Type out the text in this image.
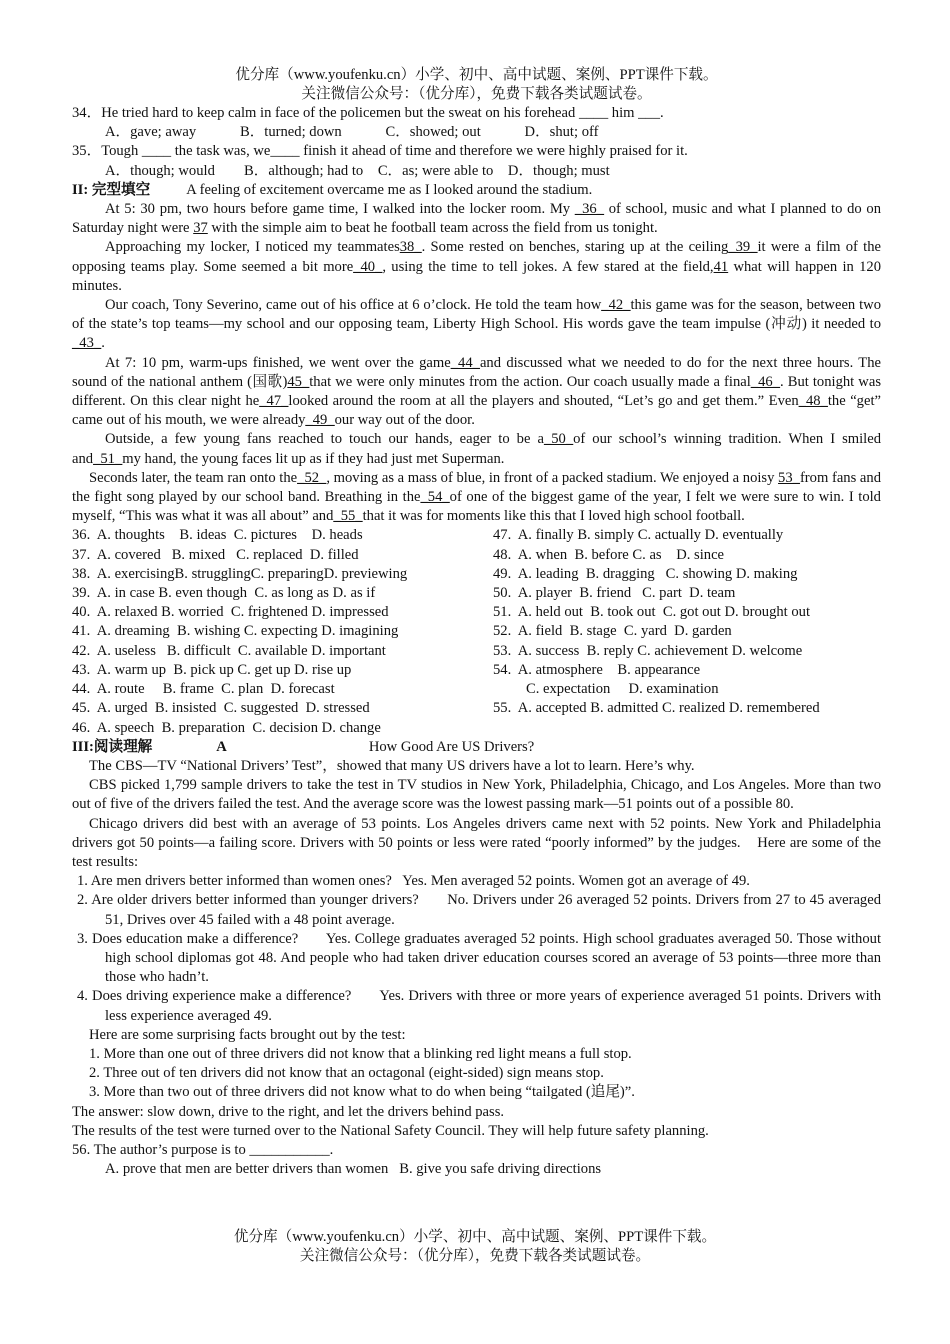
优分库（www.youfenku.cn）小学、初中、高中试题、案例、PPT课件下载。
关注微信公众号：（优分库），免费下载各类试题试卷。

34．He tried hard to keep calm in face of the policemen but the sweat on his forehead ____ him ___.

A．gave; away　　　B．turned; down　　　C．showed; out　　　D．shut; off

35．Tough ____ the task was, we____ finish it ahead of time and therefore we were highly praised for it.

A．though; would　　B．although; had to　C．as; were able to　D．though; must

II: 完型填空 A feeling of excitement overcame me as I looked around the stadium.

At 5: 30 pm, two hours before game time, I walked into the locker room. My _36_ of school, music and what I planned to do on Saturday night were 37 with the simple aim to beat he football team across the field from us tonight.

Approaching my locker, I noticed my teammates38_. Some rested on benches, staring up at the ceiling_39_it were a film of the opposing teams play. Some seemed a bit more_40_, using the time to tell jokes. A few stared at the field,41 what will happen in 120 minutes.

Our coach, Tony Severino, came out of his office at 6 o’clock. He told the team how_42_this game was for the season, between two of the state’s top teams—my school and our opposing team, Liberty High School. His words gave the team impulse (冲动) it needed to _43_.

At 7: 10 pm, warm-ups finished, we went over the game_44_and discussed what we needed to do for the next three hours. The sound of the national anthem (国歌)45_that we were only minutes from the action. Our coach usually made a final_46_. But tonight was different. On this clear night he_47_looked around the room at all the players and shouted, “Let’s go and get them.” Even_48_the “get” came out of his mouth, we were already_49_our way out of the door.

Outside, a few young fans reached to touch our hands, eager to be a_50_of our school’s winning tradition. When I smiled and_51_my hand, the young faces lit up as if they had just met Superman.

Seconds later, the team ran onto the_52_, moving as a mass of blue, in front of a packed stadium. We enjoyed a noisy 53_from fans and the fight song played by our school band. Breathing in the_54_of one of the biggest game of the year, I felt we were sure to win. I told myself, “This was what it was all about” and_55_that it was for moments like this that I loved high school football.

36.  A. thoughts    B. ideas  C. pictures    D. heads
37.  A. covered   B. mixed   C. replaced  D. filled
38.  A. exercisingB. strugglingC. preparingD. previewing
39.  A. in case B. even though  C. as long as D. as if
40.  A. relaxed B. worried  C. frightened D. impressed
41.  A. dreaming  B. wishing C. expecting D. imagining
42.  A. useless   B. difficult  C. available D. important
43.  A. warm up  B. pick up C. get up D. rise up
44.  A. route     B. frame  C. plan  D. forecast
45.  A. urged  B. insisted  C. suggested  D. stressed
46.  A. speech  B. preparation  C. decision D. change
47.  A. finally B. simply C. actually D. eventually
48.  A. when  B. before C. as    D. since
49.  A. leading  B. dragging   C. showing D. making
50.  A. player  B. friend   C. part  D. team
51.  A. held out  B. took out  C. got out D. brought out
52.  A. field  B. stage  C. yard  D. garden
53.  A. success  B. reply C. achievement D. welcome
54.  A. atmosphere    B. appearance
C. expectation     D. examination
55.  A. accepted B. admitted C. realized D. remembered

III:阅读理解	A	How Good Are US Drivers?

The CBS—TV “National Drivers’ Test”，showed that many US drivers have a lot to learn. Here’s why.

CBS picked 1,799 sample drivers to take the test in TV studios in New York, Philadelphia, Chicago, and Los Angeles. More than two out of five of the drivers failed the test. And the average score was the lowest passing mark—51 points out of a possible 80.

Chicago drivers did best with an average of 53 points. Los Angeles drivers came next with 52 points. New York and Philadelphia drivers got 50 points—a failing score. Drivers with 50 points or less were rated “poorly informed” by the judges.    Here are some of the test results:

1. Are men drivers better informed than women ones?   Yes. Men averaged 52 points. Women got an average of 49.

2. Are older drivers better informed than younger drivers?       No. Drivers under 26 averaged 52 points. Drivers from 27 to 45 averaged 51, Drives over 45 failed with a 48 point average.

3. Does education make a difference?       Yes. College graduates averaged 52 points. High school graduates averaged 50. Those without high school diplomas got 48. And people who had taken driver education courses scored an average of 53 points—three more than those who hadn’t.

4. Does driving experience make a difference?       Yes. Drivers with three or more years of experience averaged 51 points. Drivers with less experience averaged 49.

Here are some surprising facts brought out by the test:

1. More than one out of three drivers did not know that a blinking red light means a full stop.

2. Three out of ten drivers did not know that an octagonal (eight-sided) sign means stop.

3. More than two out of three drivers did not know what to do when being “tailgated (追尾)”.

The answer: slow down, drive to the right, and let the drivers behind pass.

The results of the test were turned over to the National Safety Council. They will help future safety planning.

56. The author’s purpose is to ___________.

A. prove that men are better drivers than women   B. give you safe driving directions

优分库（www.youfenku.cn）小学、初中、高中试题、案例、PPT课件下载。
关注微信公众号：（优分库），免费下载各类试题试卷。
